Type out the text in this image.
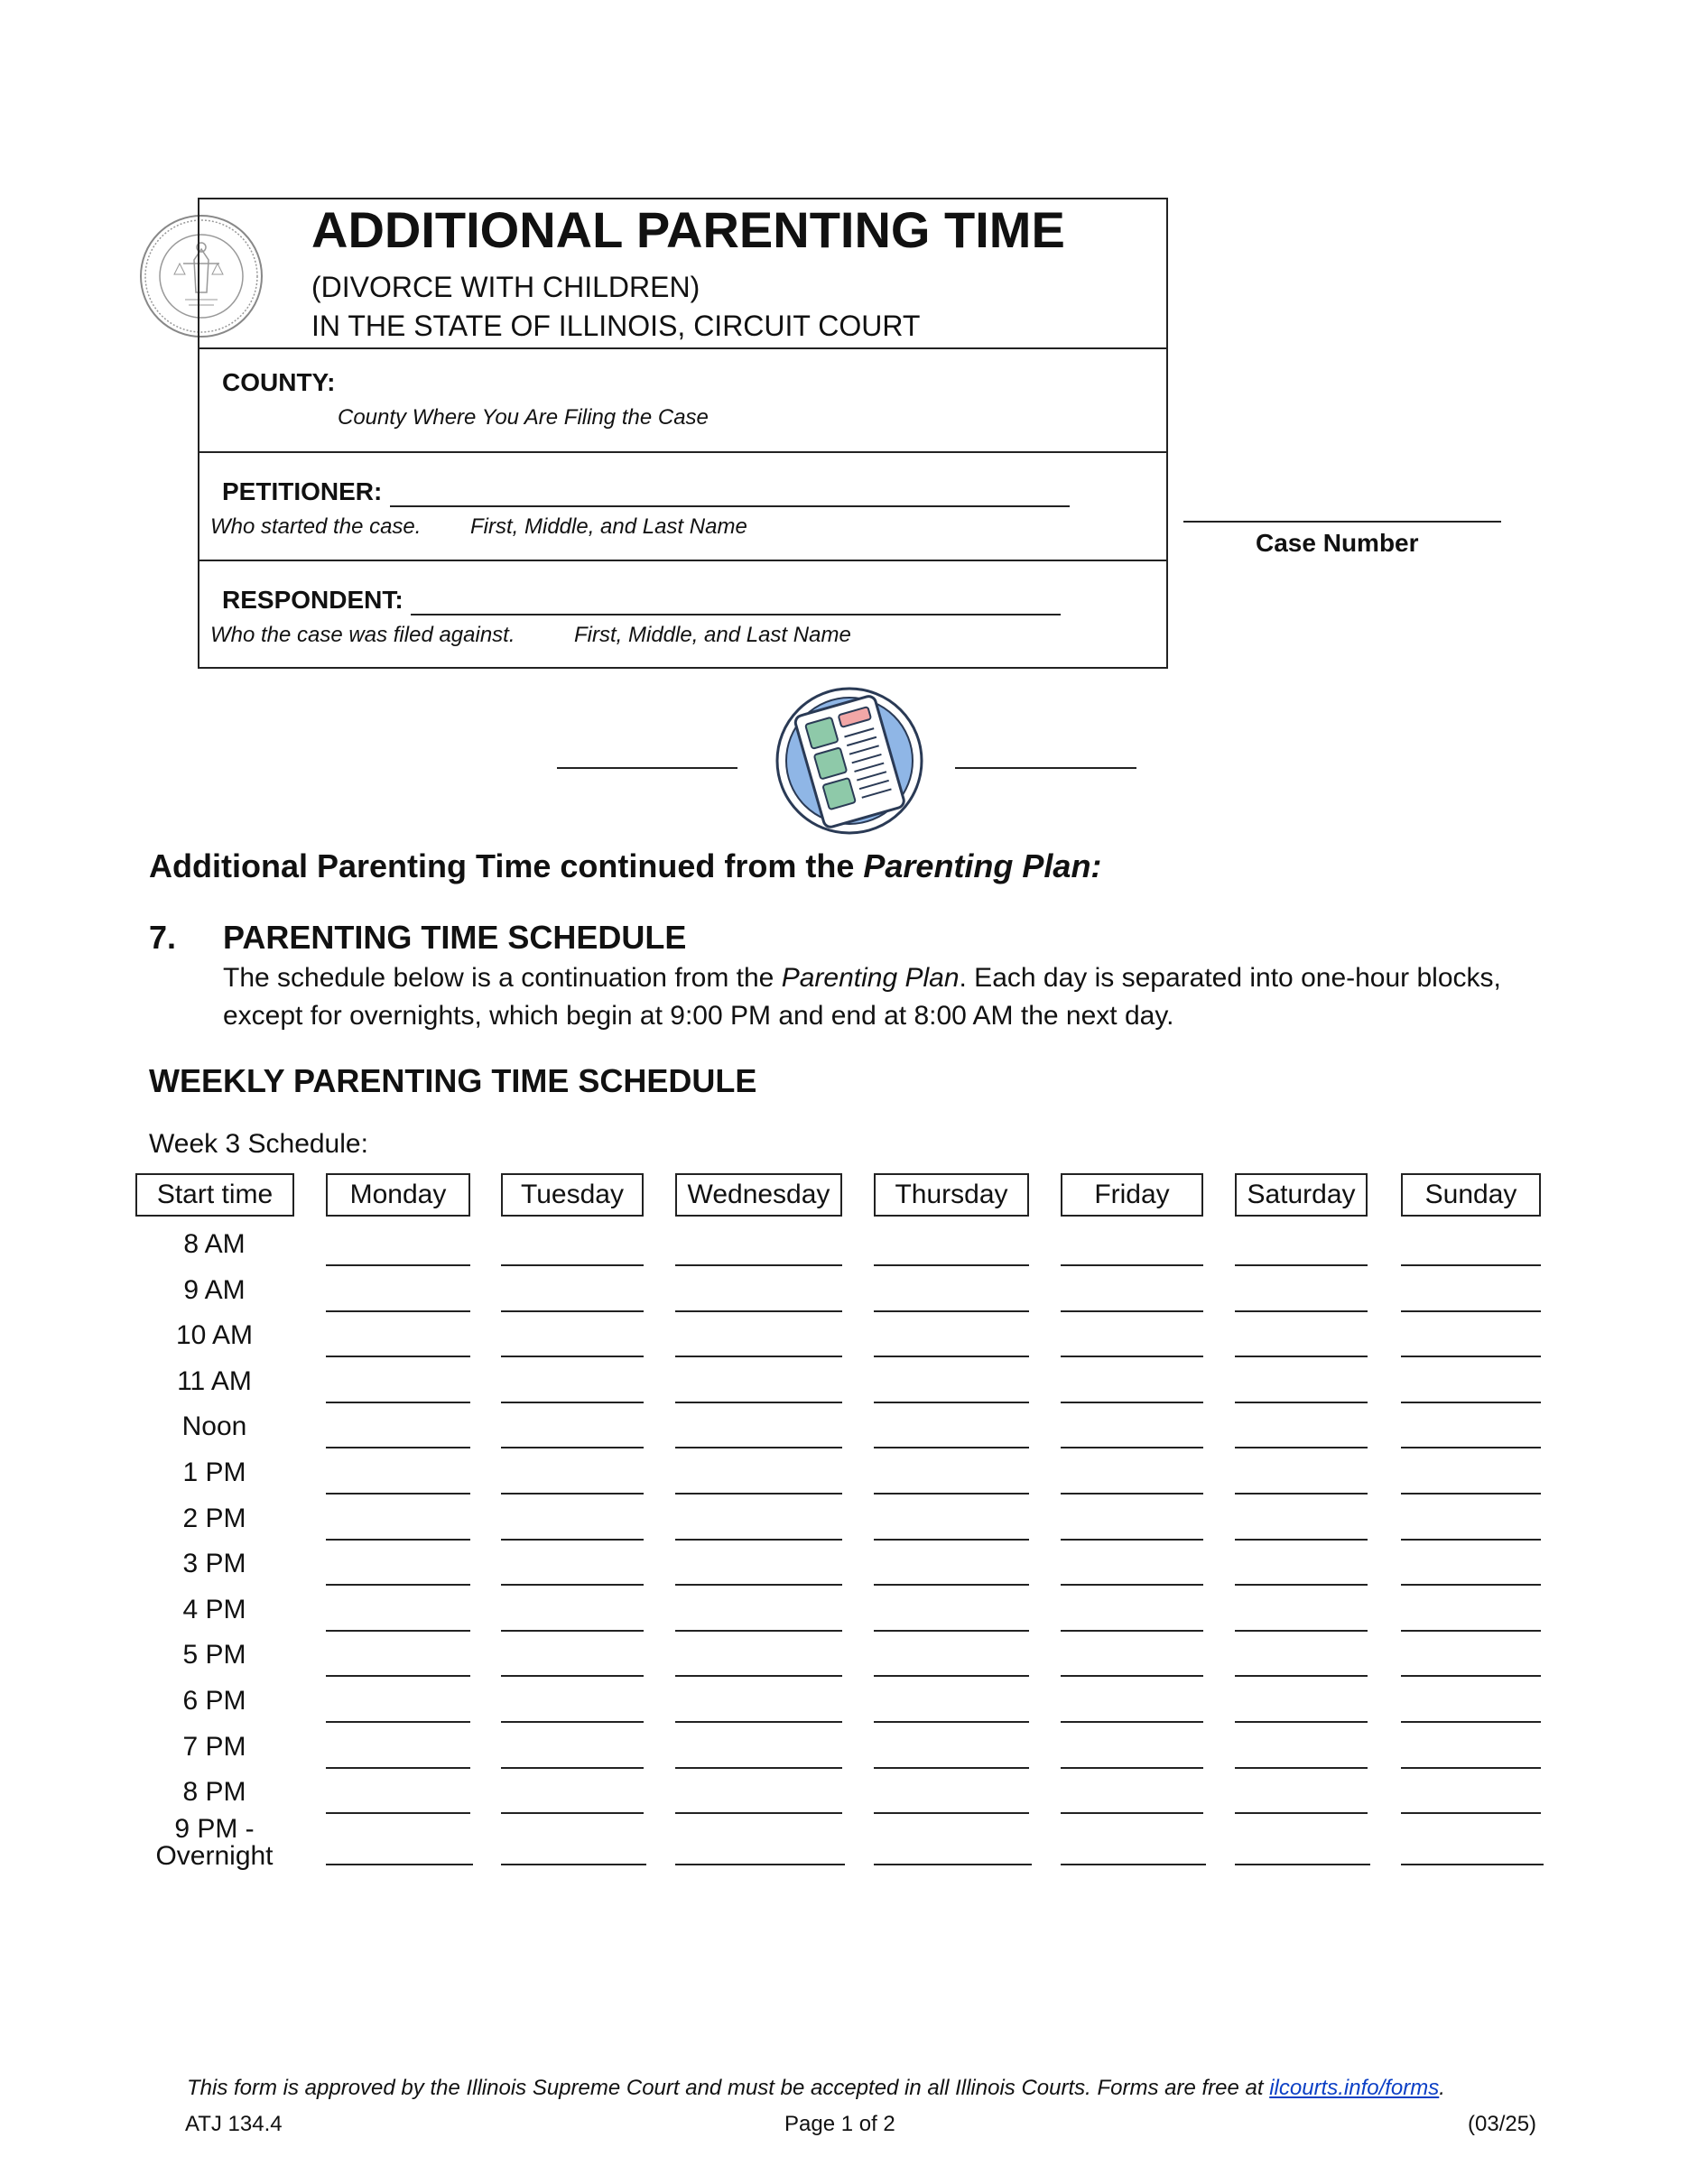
ADDITIONAL PARENTING TIME
(DIVORCE WITH CHILDREN)
IN THE STATE OF ILLINOIS, CIRCUIT COURT
COUNTY:
County Where You Are Filing the Case
PETITIONER:
Who started the case. First, Middle, and Last Name
RESPONDENT:
Who the case was filed against.	First, Middle, and Last Name
Case Number
Additional Parenting Time continued from the Parenting Plan:
7. PARENTING TIME SCHEDULE
The schedule below is a continuation from the Parenting Plan. Each day is separated into one-hour blocks,
except for overnights, which begin at 9:00 PM and end at 8:00 AM the next day.
WEEKLY PARENTING TIME SCHEDULE
Week 3 Schedule:
Start time	Monday	Tuesday	Wednesday	Thursday	Friday	Saturday	Sunday
8 AM
9 AM
10 AM
11 AM
Noon
1 PM
2 PM
3 PM
4 PM
5 PM
6 PM
7 PM
8 PM
9 PM -
Overnight
This form is approved by the Illinois Supreme Court and must be accepted in all Illinois Courts. Forms are free at ilcourts.info/forms.
ATJ 134.4	Page 1 of 2	(03/25)
